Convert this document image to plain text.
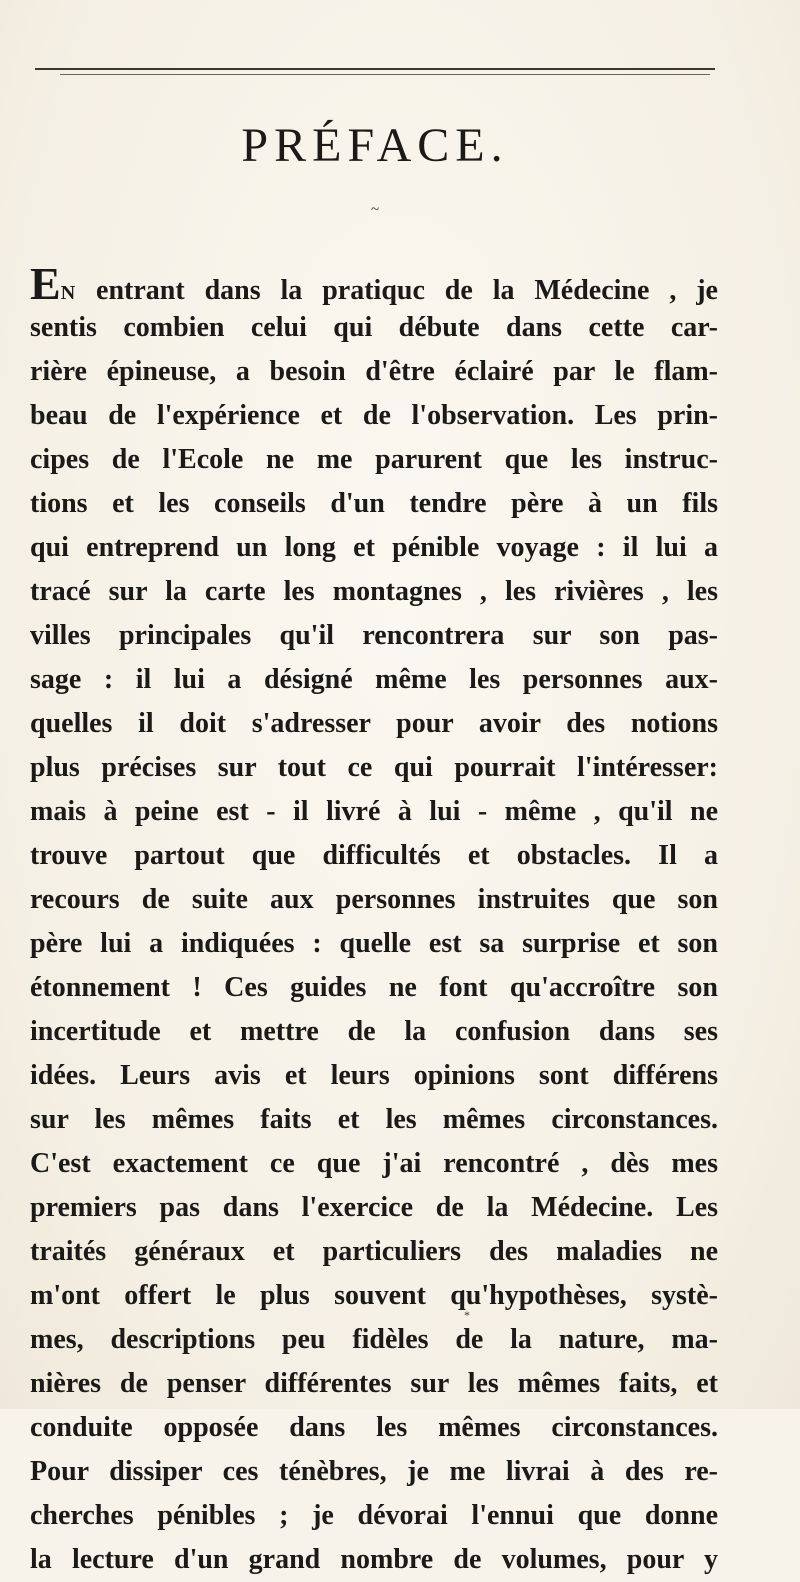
PRÉFACE.
~
EN entrant dans la pratiquc de la Médecine , je
sentis combien celui qui débute dans cette car-
rière épineuse, a besoin d'être éclairé par le flam-
beau de l'expérience et de l'observation. Les prin-
cipes de l'Ecole ne me parurent que les instruc-
tions et les conseils d'un tendre père à un fils
qui entreprend un long et pénible voyage : il lui a
tracé sur la carte les montagnes , les rivières , les
villes principales qu'il rencontrera sur son pas-
sage : il lui a désigné même les personnes aux-
quelles il doit s'adresser pour avoir des notions
plus précises sur tout ce qui pourrait l'intéresser:
mais à peine est - il livré à lui - même , qu'il ne
trouve partout que difficultés et obstacles. Il a
recours de suite aux personnes instruites que son
père lui a indiquées : quelle est sa surprise et son
étonnement ! Ces guides ne font qu'accroître son
incertitude et mettre de la confusion dans ses
idées. Leurs avis et leurs opinions sont différens
sur les mêmes faits et les mêmes circonstances.
C'est exactement ce que j'ai rencontré , dès mes
premiers pas dans l'exercice de la Médecine. Les
traités généraux et particuliers des maladies ne
m'ont offert le plus souvent qu'hypothèses, systè-
mes, descriptions peu fidèles de la nature, ma-
nières de penser différentes sur les mêmes faits, et
conduite opposée dans les mêmes circonstances.
Pour dissiper ces ténèbres, je me livrai à des re-
cherches pénibles ; je dévorai l'ennui que donne
la lecture d'un grand nombre de volumes, pour y
*
